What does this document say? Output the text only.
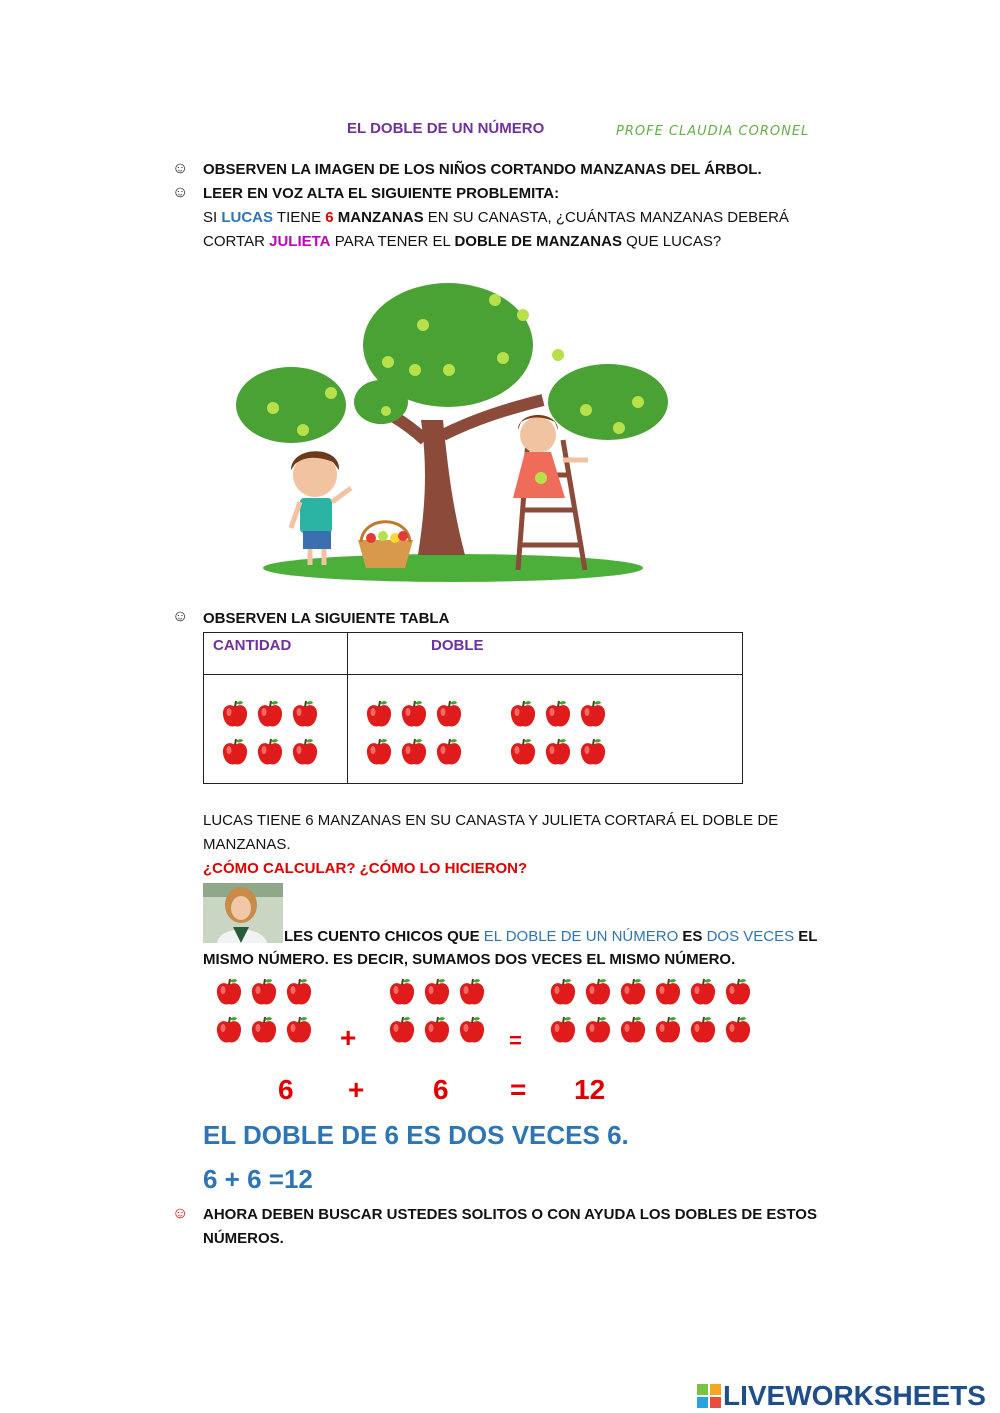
EL DOBLE DE UN NÚMERO	PROFE CLAUDIA CORONEL
☺ OBSERVEN LA IMAGEN DE LOS NIÑOS CORTANDO MANZANAS DEL ÁRBOL.
☺ LEER EN VOZ ALTA EL SIGUIENTE PROBLEMITA:
SI LUCAS TIENE 6 MANZANAS EN SU CANASTA, ¿CUÁNTAS MANZANAS DEBERÁ
CORTAR JULIETA PARA TENER EL DOBLE DE MANZANAS QUE LUCAS?
☺ OBSERVEN LA SIGUIENTE TABLA
CANTIDAD	DOBLE

LUCAS TIENE 6 MANZANAS EN SU CANASTA Y JULIETA CORTARÁ EL DOBLE DE
MANZANAS.
¿CÓMO CALCULAR? ¿CÓMO LO HICIERON?
LES CUENTO CHICOS QUE EL DOBLE DE UN NÚMERO ES DOS VECES EL
MISMO NÚMERO. ES DECIR, SUMAMOS DOS VECES EL MISMO NÚMERO.
+	=
6 + 6 = 12
EL DOBLE DE 6 ES DOS VECES 6.
6 + 6 =12
☺ AHORA DEBEN BUSCAR USTEDES SOLITOS O CON AYUDA LOS DOBLES DE ESTOS
NÚMEROS.
LIVEWORKSHEETS
